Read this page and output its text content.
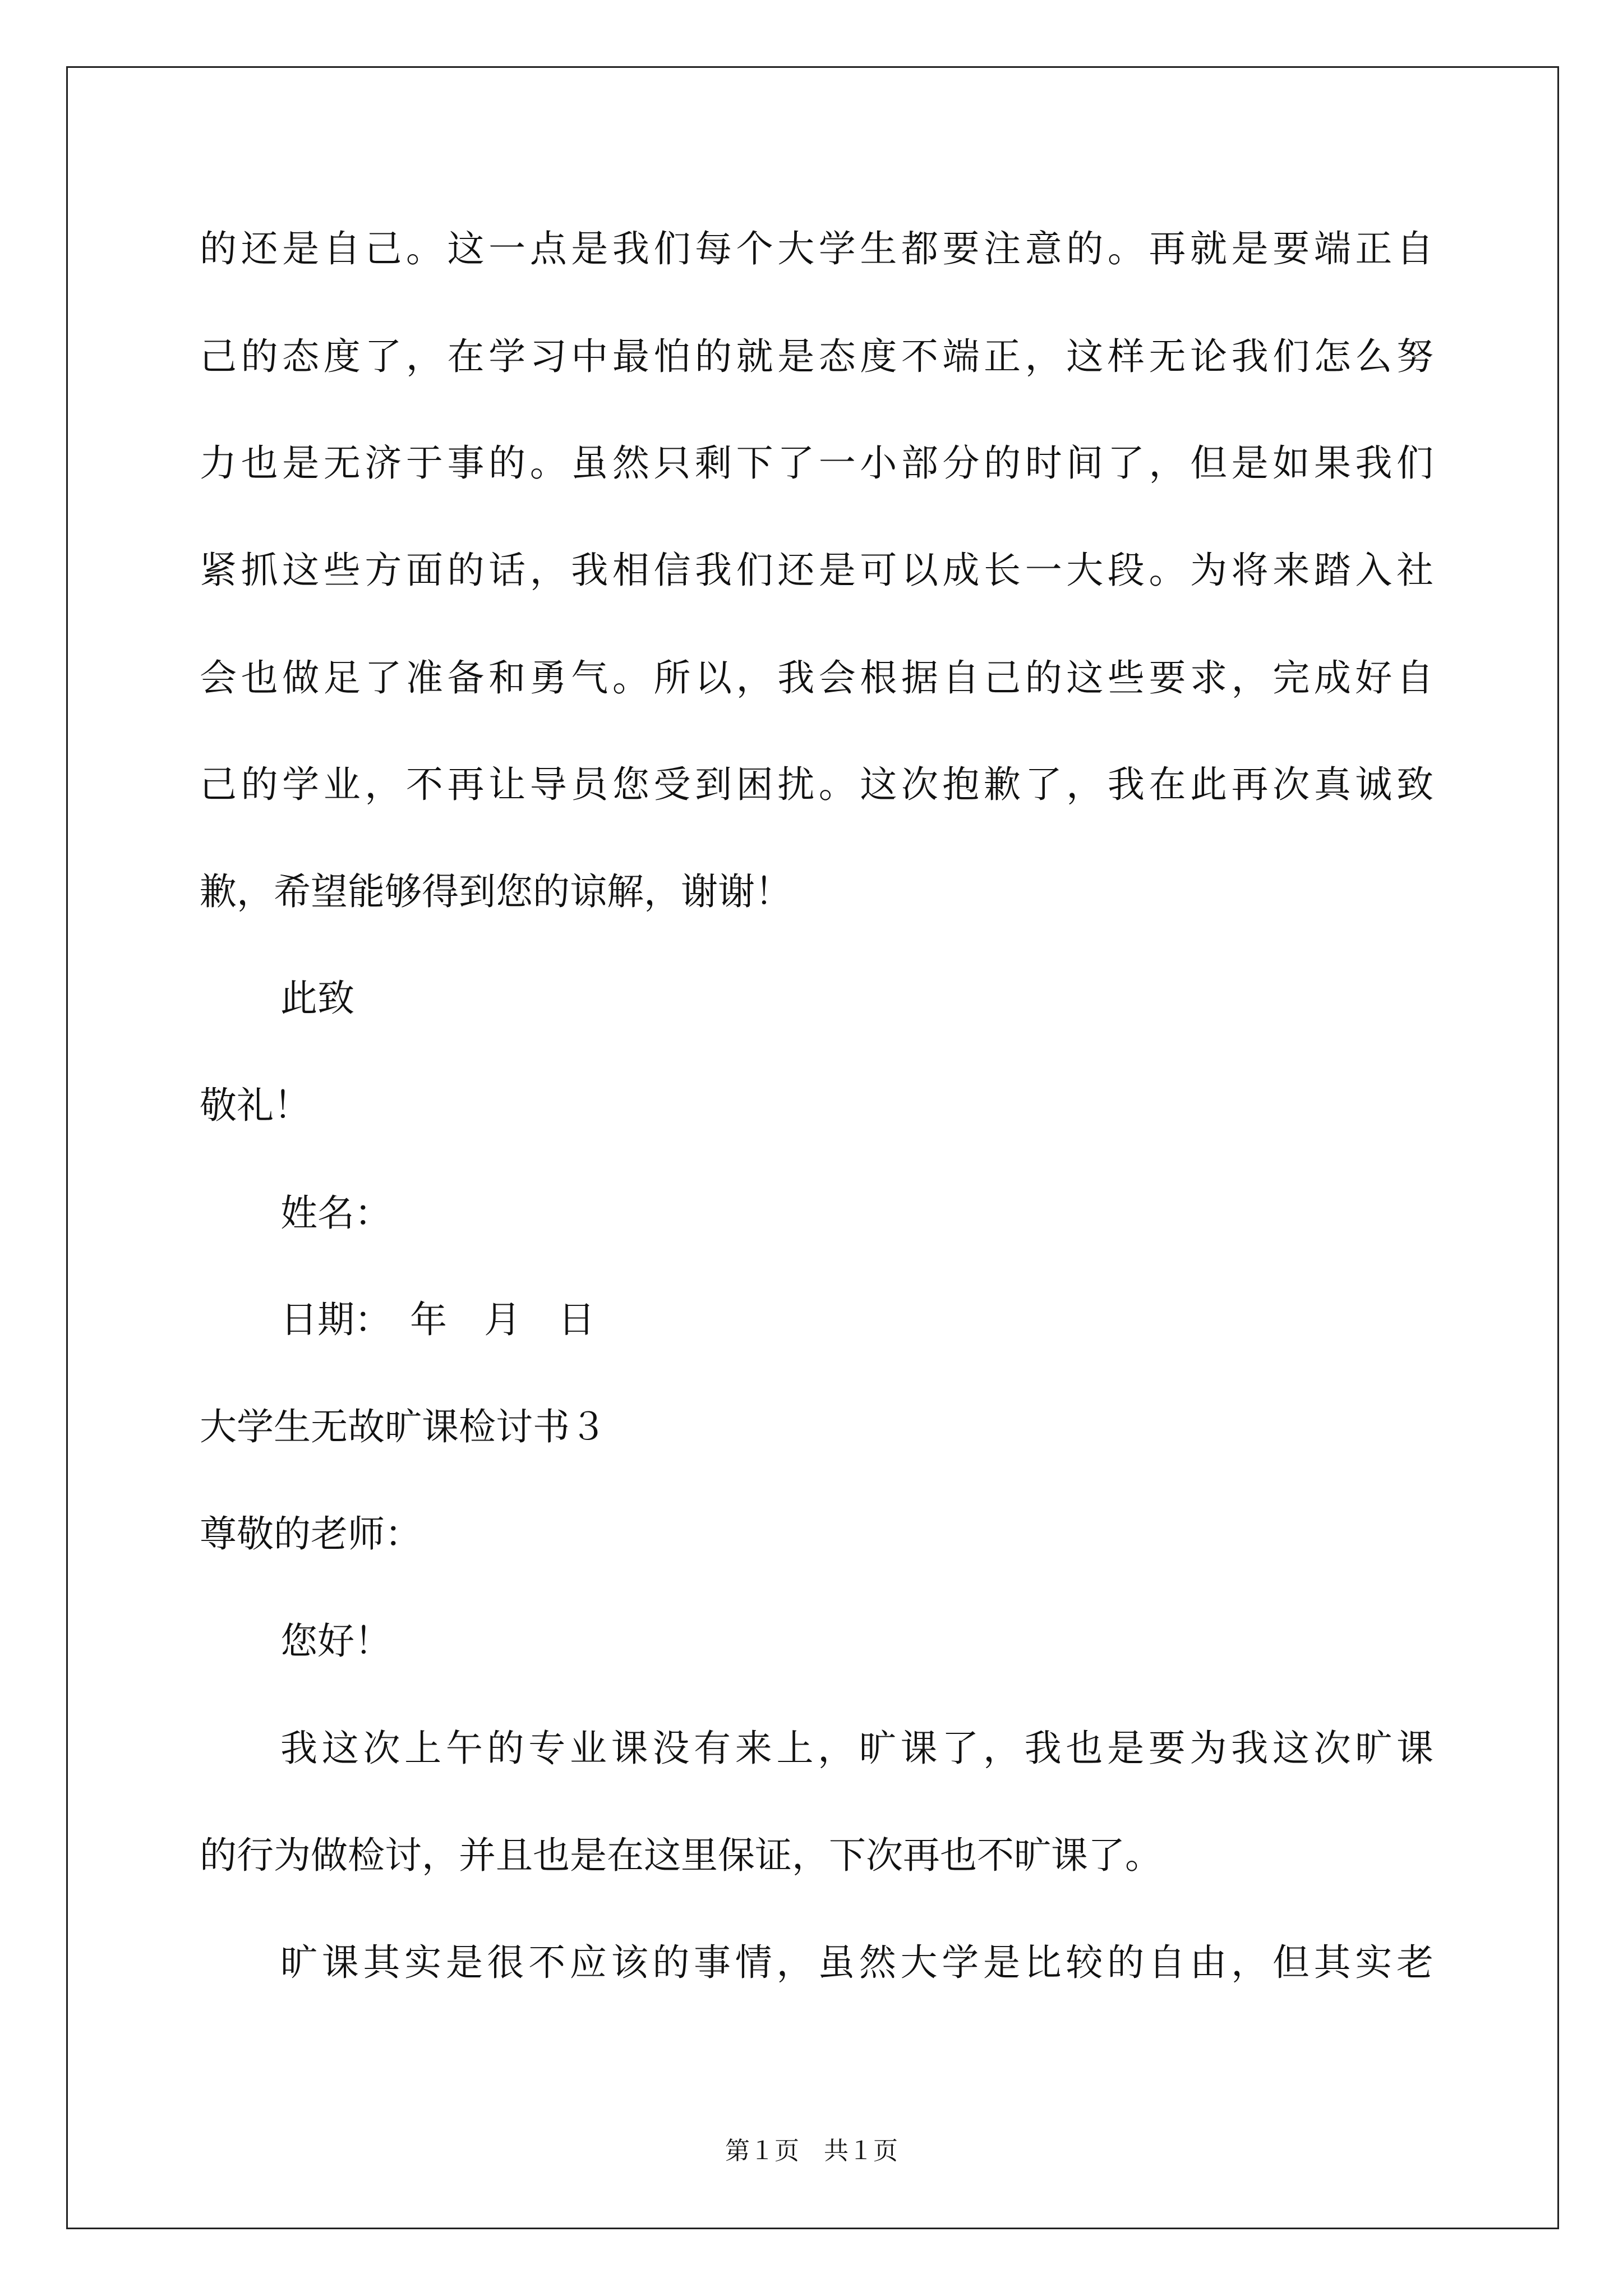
的还是自己。这一点是我们每个大学生都要注意的。再就是要端正自
己的态度了，在学习中最怕的就是态度不端正，这样无论我们怎么努
力也是无济于事的。虽然只剩下了一小部分的时间了，但是如果我们
紧抓这些方面的话，我相信我们还是可以成长一大段。为将来踏入社
会也做足了准备和勇气。所以，我会根据自己的这些要求，完成好自
己的学业，不再让导员您受到困扰。这次抱歉了，我在此再次真诚致
歉，希望能够得到您的谅解，谢谢！
此致
敬礼！
姓名：
日期：　年　月　日
大学生无故旷课检讨书３
尊敬的老师：
您好！
我这次上午的专业课没有来上，旷课了，我也是要为我这次旷课
的行为做检讨，并且也是在这里保证，下次再也不旷课了。
旷课其实是很不应该的事情，虽然大学是比较的自由，但其实老
第１页　共１页
